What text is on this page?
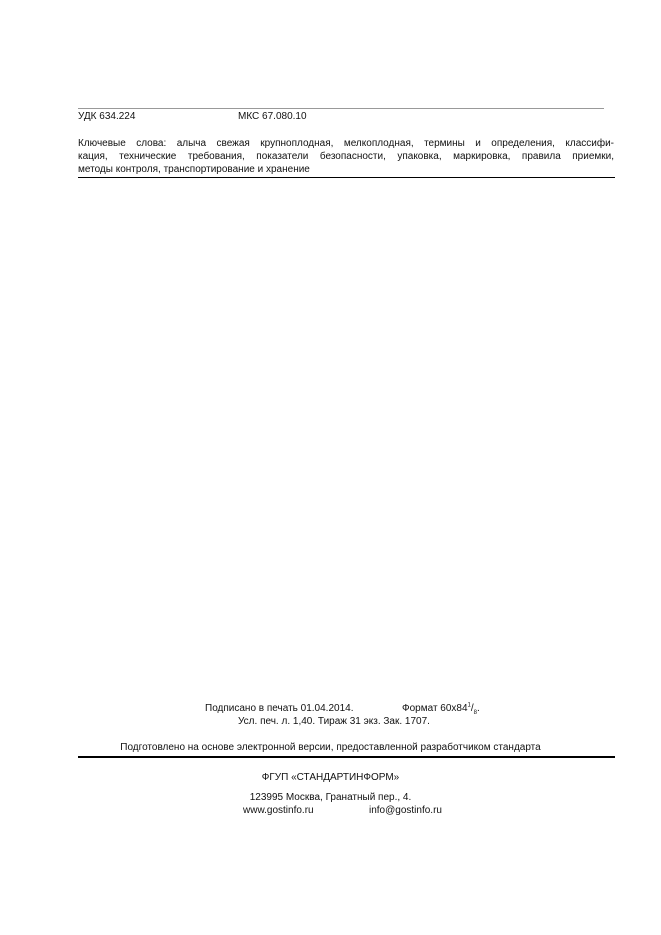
УДК 634.224	МКС 67.080.10
Ключевые слова: алыча свежая крупноплодная, мелкоплодная, термины и определения, классифи-
кация, технические требования, показатели безопасности, упаковка, маркировка, правила приемки,
методы контроля, транспортирование и хранение
Подписано в печать 01.04.2014.	Формат $60x84^1/_8$.
Усл. печ. л. 1,40. Тираж 31 экз. Зак. 1707.
Подготовлено на основе электронной версии, предоставленной разработчиком стандарта
ФГУП «СТАНДАРТИНФОРМ»
123995 Москва, Гранатный пер., 4.
www.gostinfo.ru	info@gostinfo.ru
